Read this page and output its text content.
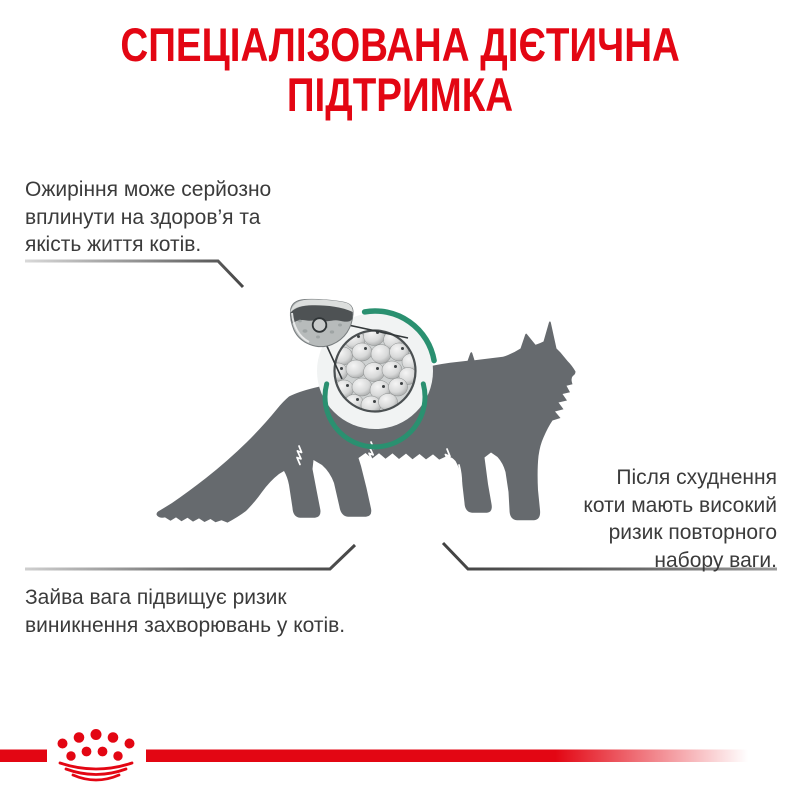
СПЕЦІАЛІЗОВАНА ДІЄТИЧНА
ПІДТРИМКА
Ожиріння може серйозно
вплинути на здоров’я та
якість життя котів.
Після схуднення
коти мають високий
ризик повторного
набору ваги.
Зайва вага підвищує ризик
виникнення захворювань у котів.
